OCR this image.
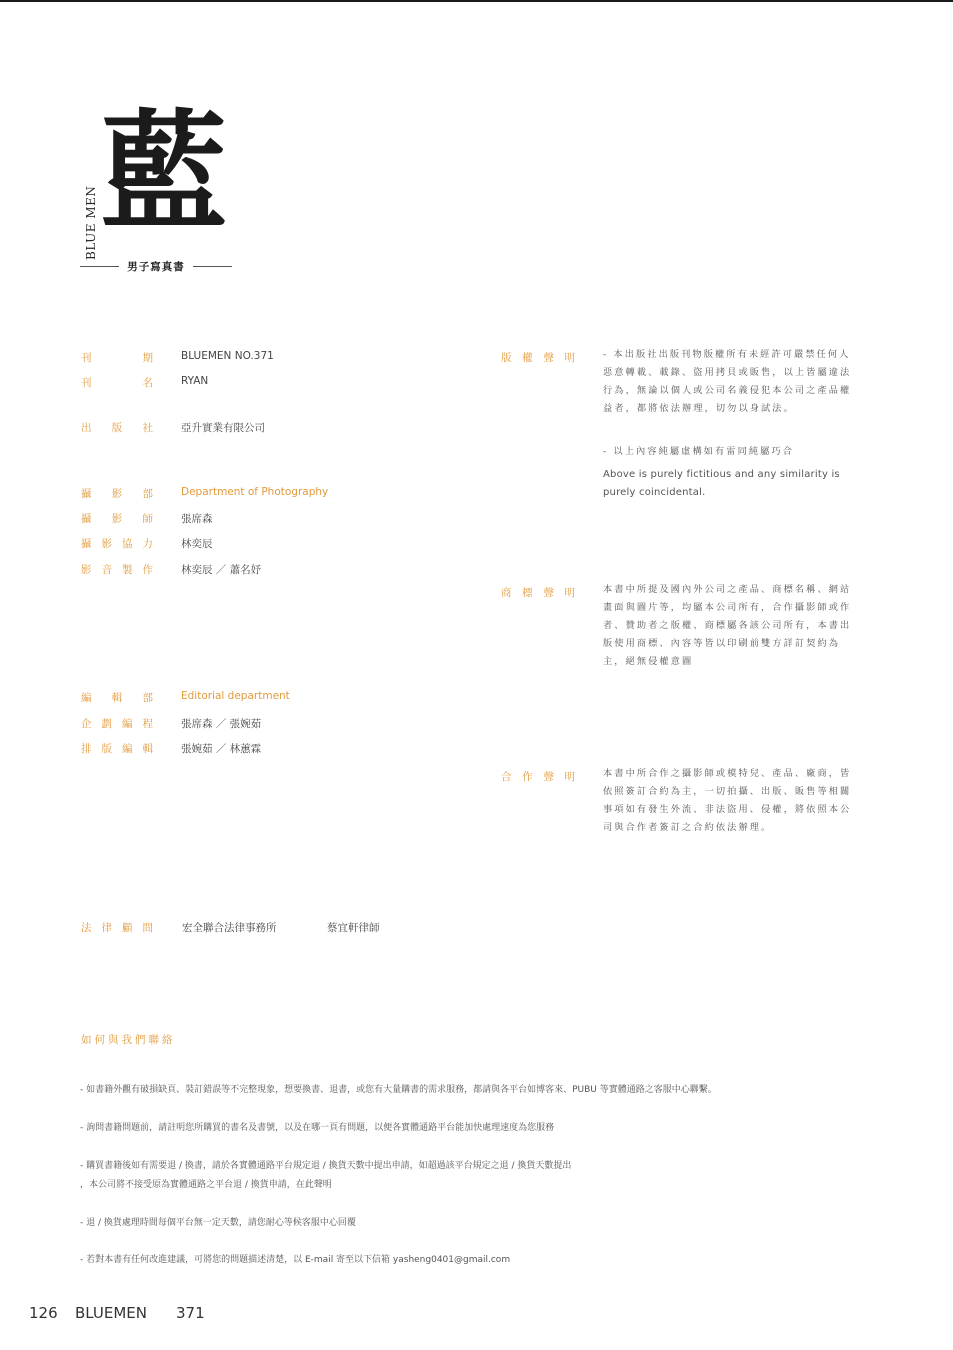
BLUE MEN 藍
男子寫真書
刊	期	BLUEMEN NO.371
刊	名	RYAN
出 版 社	亞升實業有限公司
攝 影 部	Department of Photography
攝 影 師	張席森
攝 影 協 力	林奕辰
影 音 製 作	林奕辰 ／ 蕭名妤
編 輯 部	Editorial department
企 劃 編 程	張席森 ／ 張婉茹
排 版 編 輯	張婉茹 ／ 林蕙霖
法 律 顧 問	宏全聯合法律事務所	蔡宜軒律師
版 權 聲 明	- 本出版社出版刊物版權所有未經許可嚴禁任何人惡意轉載、載錄、盜用拷貝或販售，以上皆屬違法行為，無論以個人或公司名義侵犯本公司之產品權益者，都將依法辦理，切勿以身試法。
- 以上內容純屬虛構如有雷同純屬巧合
Above is purely fictitious and any similarity is purely coincidental.
商 標 聲 明	本書中所提及國內外公司之產品、商標名稱、網站畫面與圖片等，均屬本公司所有，合作攝影師或作者、贊助者之版權、商標屬各該公司所有，本書出版使用商標、內容等皆以印刷前雙方詳訂契約為主，絕無侵權意圖
合 作 聲 明	本書中所合作之攝影師或模特兒、產品、廠商，皆依照簽訂合約為主，一切拍攝、出版、販售等相關事項如有發生外流、非法盜用、侵權，將依照本公司與合作者簽訂之合約依法辦理。
如何與我們聯絡
- 如書籍外觀有破損缺頁、裝訂錯誤等不完整現象，想要換書、退書，或您有大量購書的需求服務，都請與各平台如博客來、PUBU 等實體通路之客服中心聯繫。
- 詢問書籍問題前，請註明您所購買的書名及書號，以及在哪一頁有問題，以便各實體通路平台能加快處理速度為您服務
- 購買書籍後如有需要退 / 換書，請於各實體通路平台規定退 / 換貨天數中提出申請，如超過該平台規定之退 / 換貨天數提出
，本公司將不接受原為實體通路之平台退 / 換貨申請，在此聲明
- 退 / 換貨處理時間每個平台無一定天數，請您耐心等候客服中心回覆
- 若對本書有任何改進建議，可將您的問題描述清楚，以 E-mail 寄至以下信箱 yasheng0401@gmail.com
126 BLUEMEN 371
